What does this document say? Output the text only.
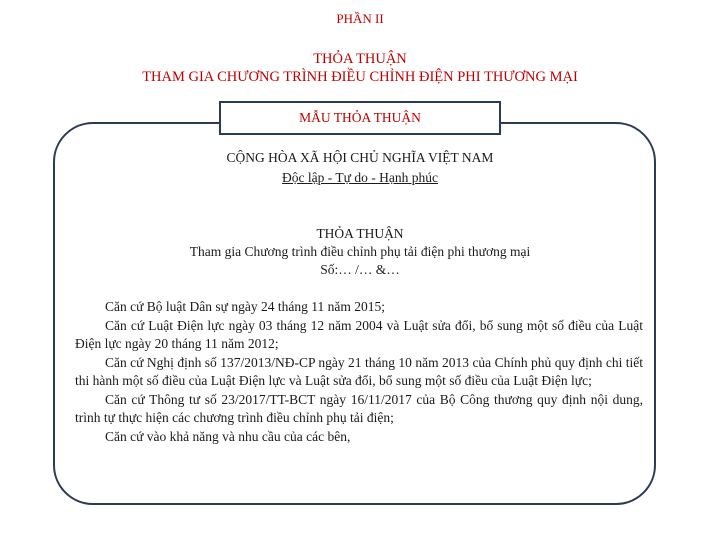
PHẦN II
THỎA THUẬN
THAM GIA CHƯƠNG TRÌNH ĐIỀU CHỈNH ĐIỆN PHI THƯƠNG MẠI
MẪU THỎA THUẬN
CỘNG HÒA XÃ HỘI CHỦ NGHĨA VIỆT NAM
Độc lập - Tự do - Hạnh phúc
THỎA THUẬN
Tham gia Chương trình điều chỉnh phụ tải điện phi thương mại
Số:… /… &…
Căn cứ Bộ luật Dân sự ngày 24 tháng 11 năm 2015;
Căn cứ Luật Điện lực ngày 03 tháng 12 năm 2004 và Luật sửa đổi, bổ sung một số điều của Luật Điện lực ngày 20 tháng 11 năm 2012;
Căn cứ Nghị định số 137/2013/NĐ-CP ngày 21 tháng 10 năm 2013 của Chính phủ quy định chi tiết thi hành một số điều của Luật Điện lực và Luật sửa đổi, bổ sung một số điều của Luật Điện lực;
Căn cứ Thông tư số 23/2017/TT-BCT ngày 16/11/2017 của Bộ Công thương quy định nội dung, trình tự thực hiện các chương trình điều chỉnh phụ tải điện;
Căn cứ vào khả năng và nhu cầu của các bên,
